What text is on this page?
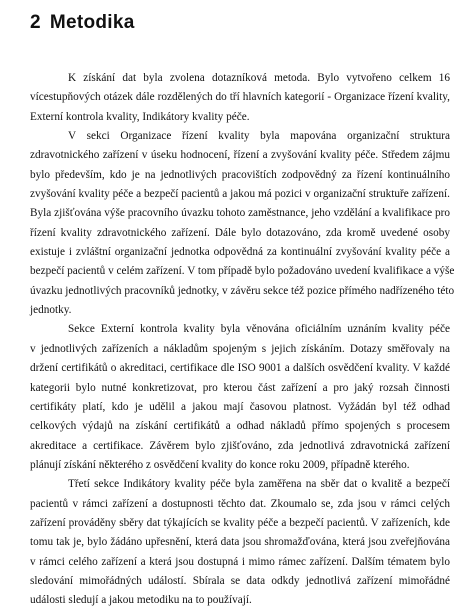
2 Metodika
K získání dat byla zvolena dotazníková metoda. Bylo vytvořeno celkem 16
vícestupňových otázek dále rozdělených do tří hlavních kategorií - Organizace řízení kvality,
Externí kontrola kvality, Indikátory kvality péče.
V sekci Organizace řízení kvality byla mapována organizační struktura
zdravotnického zařízení v úseku hodnocení, řízení a zvyšování kvality péče. Středem zájmu
bylo především, kdo je na jednotlivých pracovištích zodpovědný za řízení kontinuálního
zvyšování kvality péče a bezpečí pacientů a jakou má pozici v organizační struktuře zařízení.
Byla zjišťována výše pracovního úvazku tohoto zaměstnance, jeho vzdělání a kvalifikace pro
řízení kvality zdravotnického zařízení. Dále bylo dotazováno, zda kromě uvedené osoby
existuje i zvláštní organizační jednotka odpovědná za kontinuální zvyšování kvality péče a
bezpečí pacientů v celém zařízení. V tom případě bylo požadováno uvedení kvalifikace a výše
úvazku jednotlivých pracovníků jednotky, v závěru sekce též pozice přímého nadřízeného této
jednotky.
Sekce Externí kontrola kvality byla věnována oficiálním uznáním kvality péče
v jednotlivých zařízeních a nákladům spojeným s jejich získáním. Dotazy směřovaly na
držení certifikátů o akreditaci, certifikace dle ISO 9001 a dalších osvědčení kvality. V každé
kategorii bylo nutné konkretizovat, pro kterou část zařízení a pro jaký rozsah činnosti
certifikáty platí, kdo je udělil a jakou mají časovou platnost. Vyžádán byl též odhad
celkových výdajů na získání certifikátů a odhad nákladů přímo spojených s procesem
akreditace a certifikace. Závěrem bylo zjišťováno, zda jednotlivá zdravotnická zařízení
plánují získání některého z osvědčení kvality do konce roku 2009, případně kterého.
Třetí sekce Indikátory kvality péče byla zaměřena na sběr dat o kvalitě a bezpečí
pacientů v rámci zařízení a dostupnosti těchto dat. Zkoumalo se, zda jsou v rámci celých
zařízení prováděny sběry dat týkajících se kvality péče a bezpečí pacientů. V zařízeních, kde
tomu tak je, bylo žádáno upřesnění, která data jsou shromažďována, která jsou zveřejňována
v rámci celého zařízení a která jsou dostupná i mimo rámec zařízení. Dalším tématem bylo
sledování mimořádných událostí. Sbírala se data odkdy jednotlivá zařízení mimořádné
události sledují a jakou metodiku na to používají.
